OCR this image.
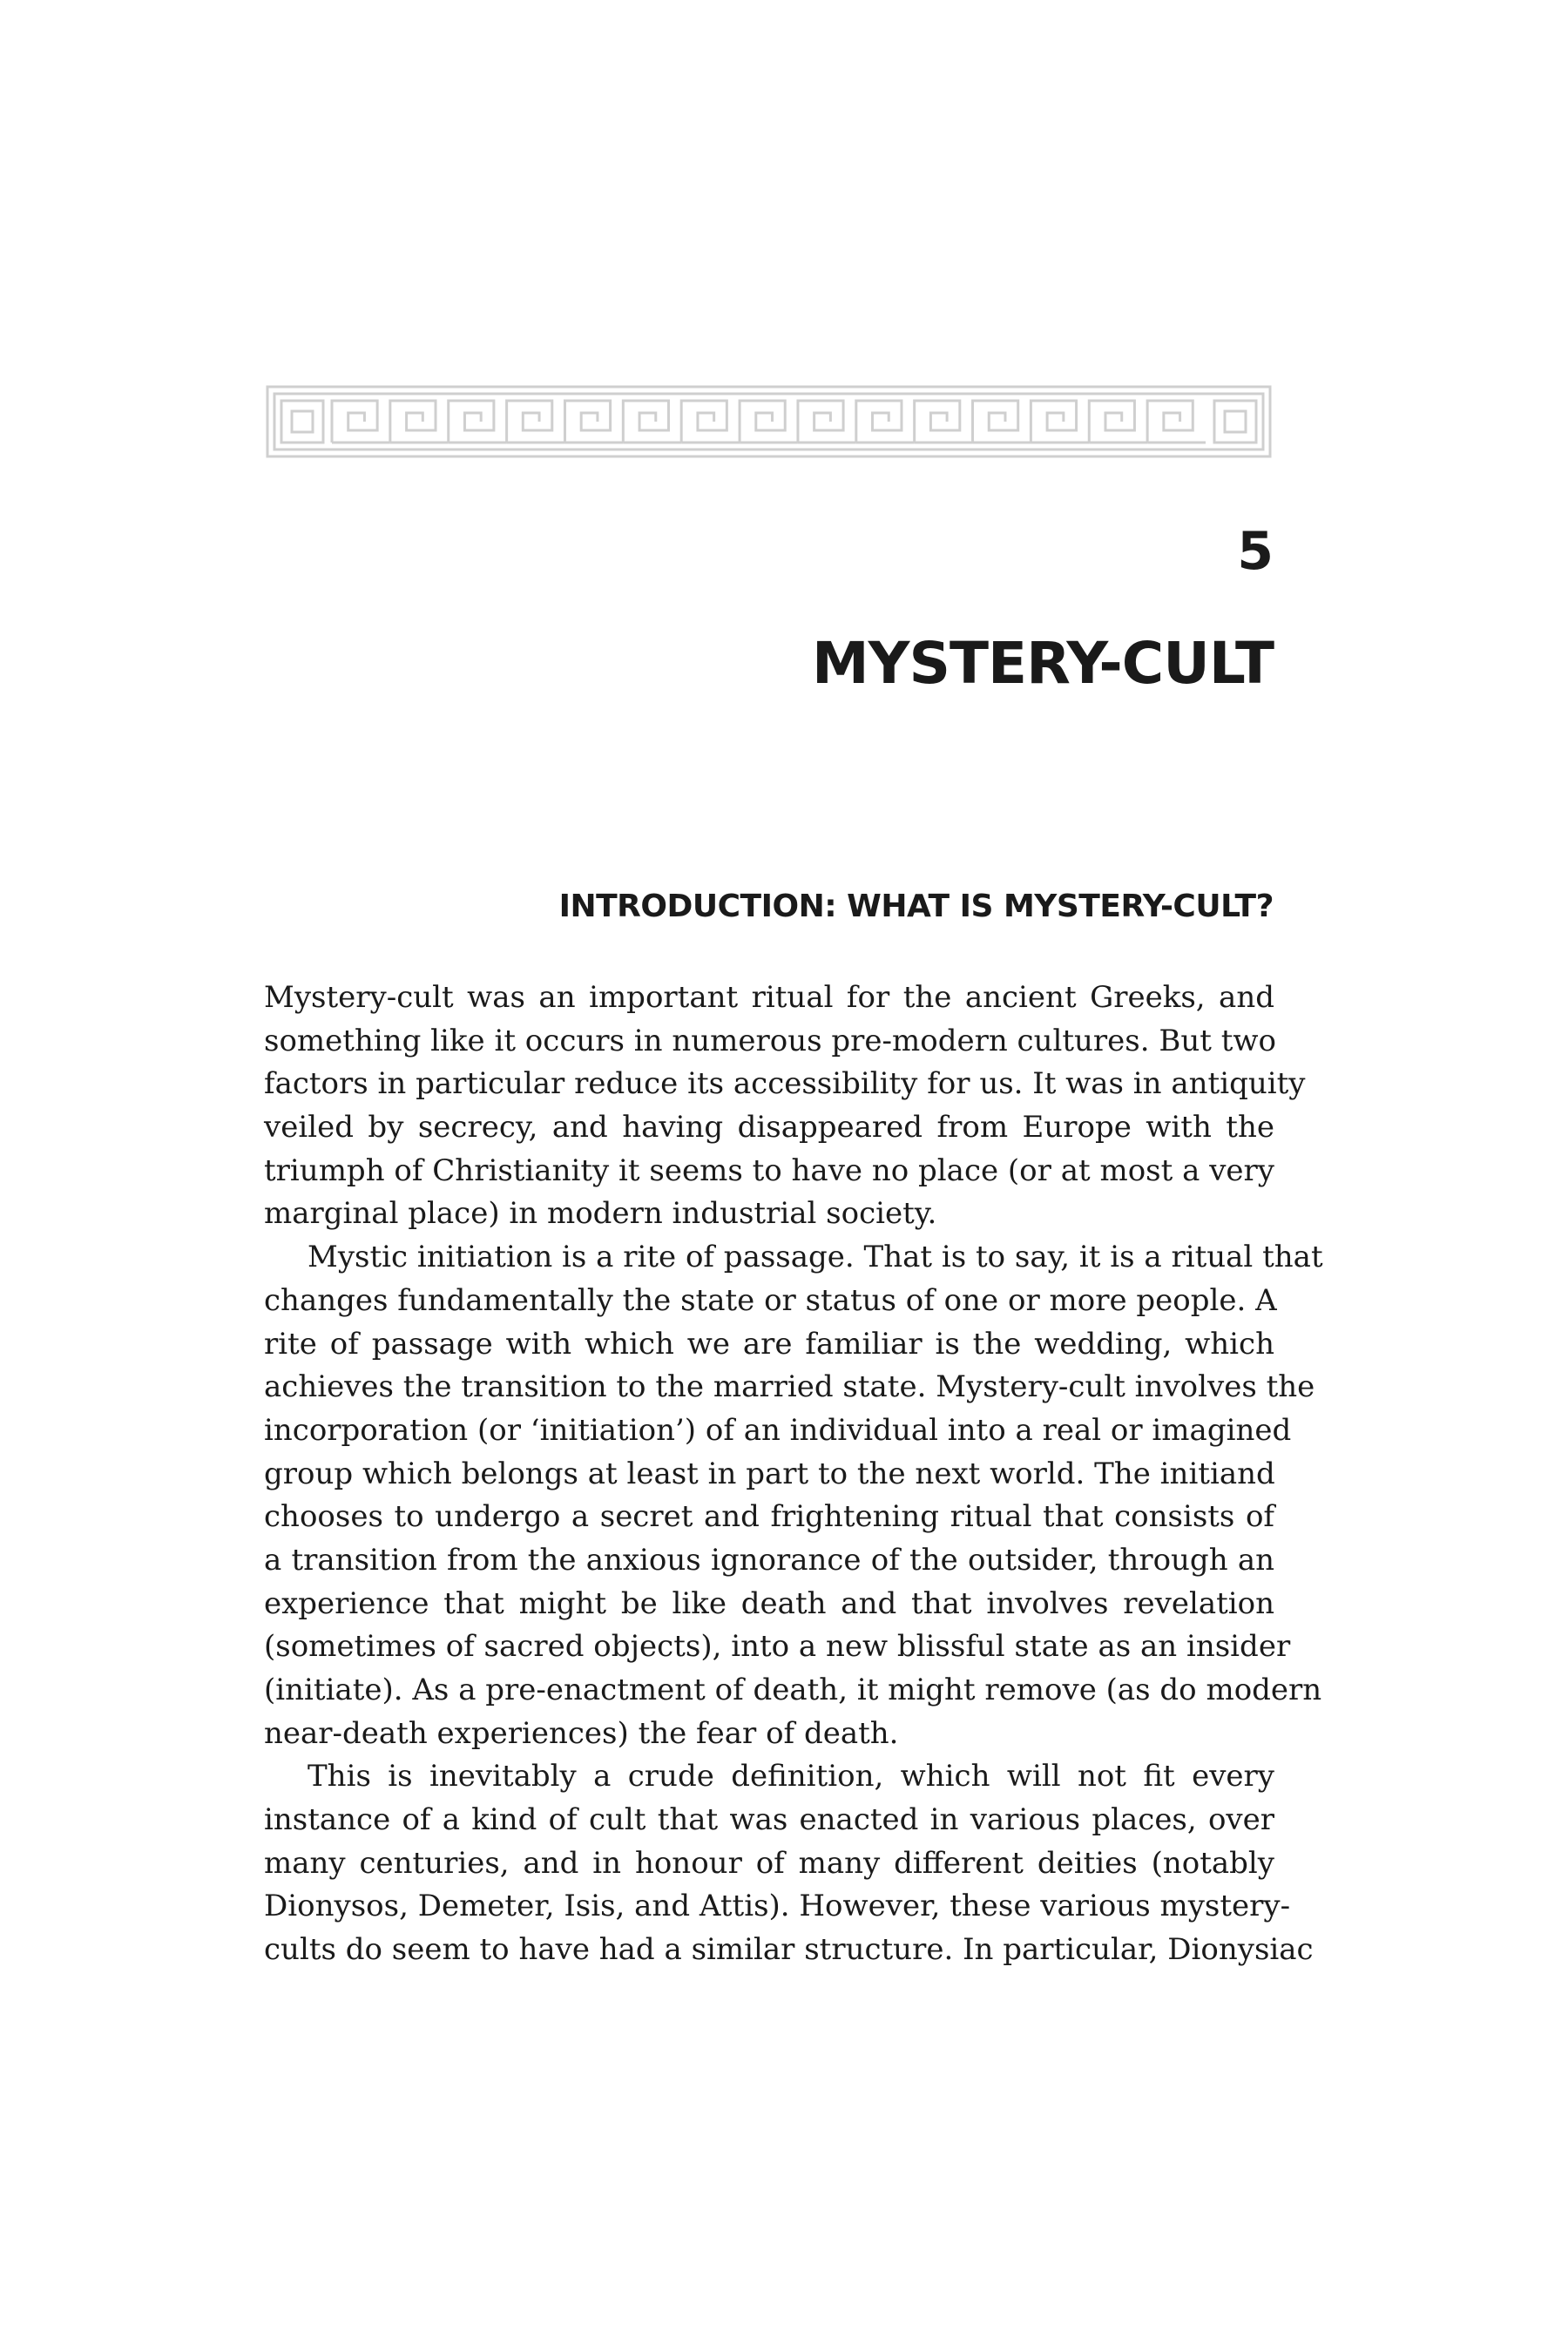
5
MYSTERY-CULT
INTRODUCTION: WHAT IS MYSTERY-CULT?

Mystery-cult was an important ritual for the ancient Greeks, and
something like it occurs in numerous pre-modern cultures. But two
factors in particular reduce its accessibility for us. It was in antiquity
veiled by secrecy, and having disappeared from Europe with the
triumph of Christianity it seems to have no place (or at most a very
marginal place) in modern industrial society.

Mystic initiation is a rite of passage. That is to say, it is a ritual that
changes fundamentally the state or status of one or more people. A
rite of passage with which we are familiar is the wedding, which
achieves the transition to the married state. Mystery-cult involves the
incorporation (or ‘initiation’) of an individual into a real or imagined
group which belongs at least in part to the next world. The initiand
chooses to undergo a secret and frightening ritual that consists of
a transition from the anxious ignorance of the outsider, through an
experience that might be like death and that involves revelation
(sometimes of sacred objects), into a new blissful state as an insider
(initiate). As a pre-enactment of death, it might remove (as do modern
near-death experiences) the fear of death.

This is inevitably a crude definition, which will not fit every
instance of a kind of cult that was enacted in various places, over
many centuries, and in honour of many different deities (notably
Dionysos, Demeter, Isis, and Attis). However, these various mystery-
cults do seem to have had a similar structure. In particular, Dionysiac
